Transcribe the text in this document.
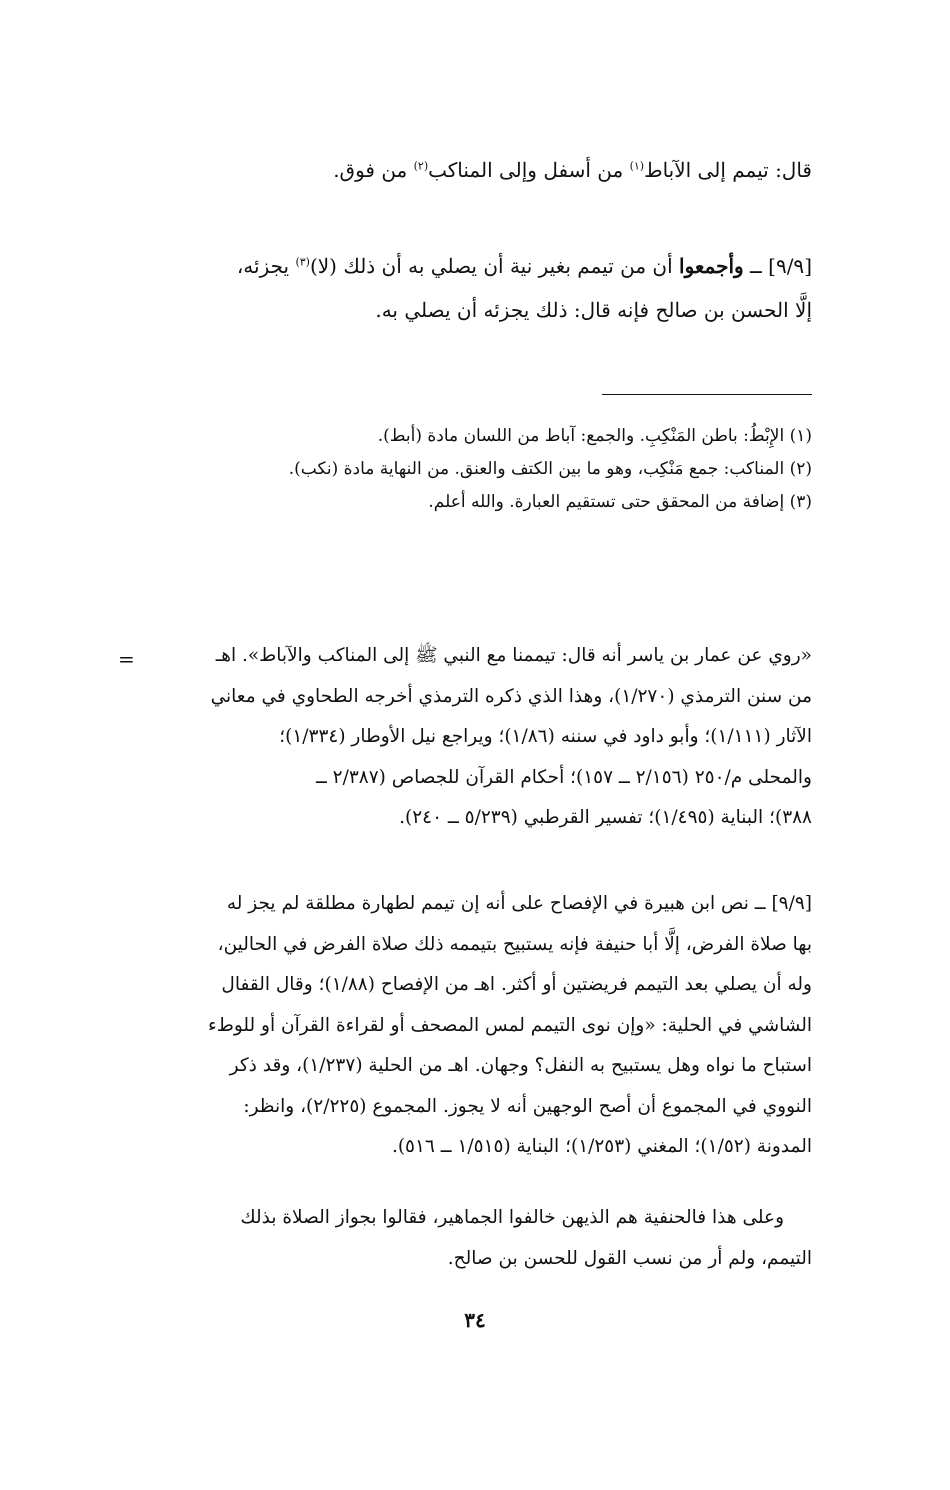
قال: تيمم إلى الآباط$^{(١)}$ من أسفل وإلى المناكب$^{(٢)}$ من فوق.
[٩/٩] ــ وأجمعوا أن من تيمم بغير نية أن يصلي به أن ذلك (لا)$^{(٣)}$ يجزئه،
إلَّا الحسن بن صالح فإنه قال: ذلك يجزئه أن يصلي به.
(١) الإِبْطُ: باطن المَنْكِبِ. والجمع: آباط من اللسان مادة (أبط).
(٢) المناكب: جمع مَنْكِب، وهو ما بين الكتف والعنق. من النهاية مادة (نكب).
(٣) إضافة من المحقق حتى تستقيم العبارة. والله أعلم.
=	«روي عن عمار بن ياسر أنه قال: تيممنا مع النبي ﷺ إلى المناكب والآباط». اهـ
من سنن الترمذي (١/٢٧٠)، وهذا الذي ذكره الترمذي أخرجه الطحاوي في معاني
الآثار (١/١١١)؛ وأبو داود في سننه (١/٨٦)؛ ويراجع نيل الأوطار (١/٣٣٤)؛
والمحلى م/٢٥٠ (٢/١٥٦ ــ ١٥٧)؛ أحكام القرآن للجصاص (٢/٣٨٧ ــ
٣٨٨)؛ البناية (١/٤٩٥)؛ تفسير القرطبي (٥/٢٣٩ ــ ٢٤٠).
[٩/٩] ــ نص ابن هبيرة في الإفصاح على أنه إن تيمم لطهارة مطلقة لم يجز له
بها صلاة الفرض، إلَّا أبا حنيفة فإنه يستبيح بتيممه ذلك صلاة الفرض في الحالين،
وله أن يصلي بعد التيمم فريضتين أو أكثر. اهـ من الإفصاح (١/٨٨)؛ وقال القفال
الشاشي في الحلية: «وإن نوى التيمم لمس المصحف أو لقراءة القرآن أو للوطء
استباح ما نواه وهل يستبيح به النفل؟ وجهان. اهـ من الحلية (١/٢٣٧)، وقد ذكر
النووي في المجموع أن أصح الوجهين أنه لا يجوز. المجموع (٢/٢٢٥)، وانظر:
المدونة (١/٥٢)؛ المغني (١/٢٥٣)؛ البناية (١/٥١٥ ــ ٥١٦).
وعلى هذا فالحنفية هم الذيهن خالفوا الجماهير، فقالوا بجواز الصلاة بذلك
التيمم، ولم أر من نسب القول للحسن بن صالح.
٣٤
